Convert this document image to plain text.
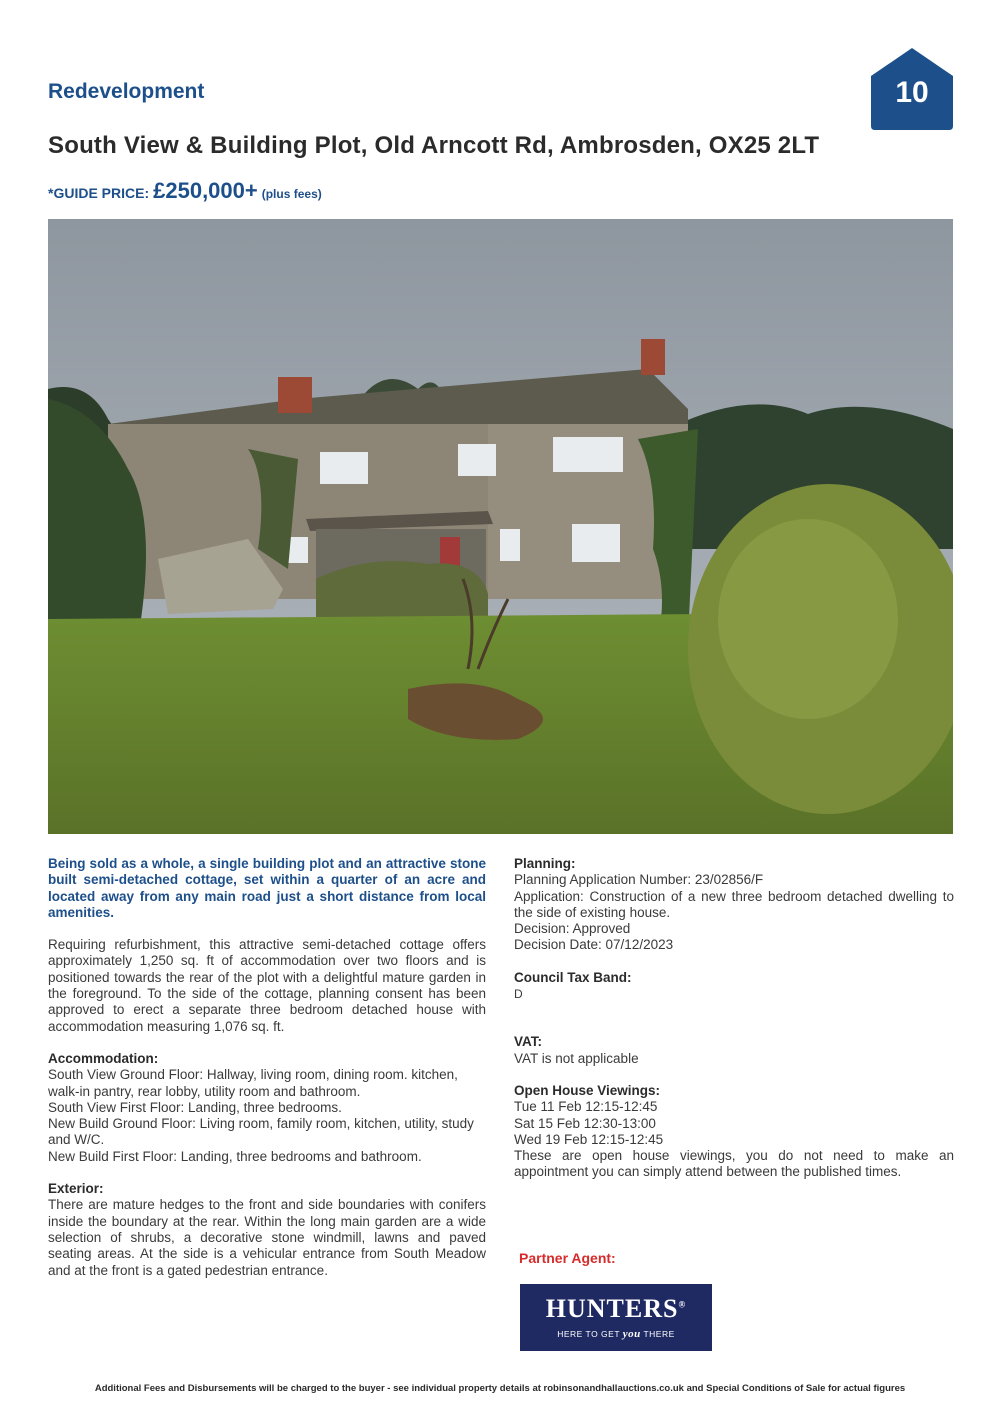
Redevelopment	10
South View & Building Plot, Old Arncott Rd, Ambrosden, OX25 2LT
*GUIDE PRICE: £250,000+ (plus fees)

Being sold as a whole, a single building plot and an attractive stone built semi-detached cottage, set within a quarter of an acre and located away from any main road just a short distance from local amenities.

Requiring refurbishment, this attractive semi-detached cottage offers approximately 1,250 sq. ft of accommodation over two floors and is positioned towards the rear of the plot with a delightful mature garden in the foreground. To the side of the cottage, planning consent has been approved to erect a separate three bedroom detached house with accommodation measuring 1,076 sq. ft.

Accommodation:

South View Ground Floor: Hallway, living room, dining room. kitchen, walk-in pantry, rear lobby, utility room and bathroom.

South View First Floor: Landing, three bedrooms.

New Build Ground Floor: Living room, family room, kitchen, utility, study and W/C.

New Build First Floor: Landing, three bedrooms and bathroom.

Exterior:

There are mature hedges to the front and side boundaries with conifers inside the boundary at the rear. Within the long main garden are a wide selection of shrubs, a decorative stone windmill, lawns and paved seating areas. At the side is a vehicular entrance from South Meadow and at the front is a gated pedestrian entrance.

Planning:

Planning Application Number: 23/02856/F

Application: Construction of a new three bedroom detached dwelling to the side of existing house.

Decision: Approved

Decision Date: 07/12/2023

Council Tax Band:

D

VAT:

VAT is not applicable

Open House Viewings:

Tue 11 Feb 12:15-12:45

Sat 15 Feb 12:30-13:00

Wed 19 Feb 12:15-12:45

These are open house viewings, you do not need to make an appointment you can simply attend between the published times.

Partner Agent:
HUNTERS®
HERE TO GET you THERE
Additional Fees and Disbursements will be charged to the buyer - see individual property details at robinsonandhallauctions.co.uk and Special Conditions of Sale for actual figures
